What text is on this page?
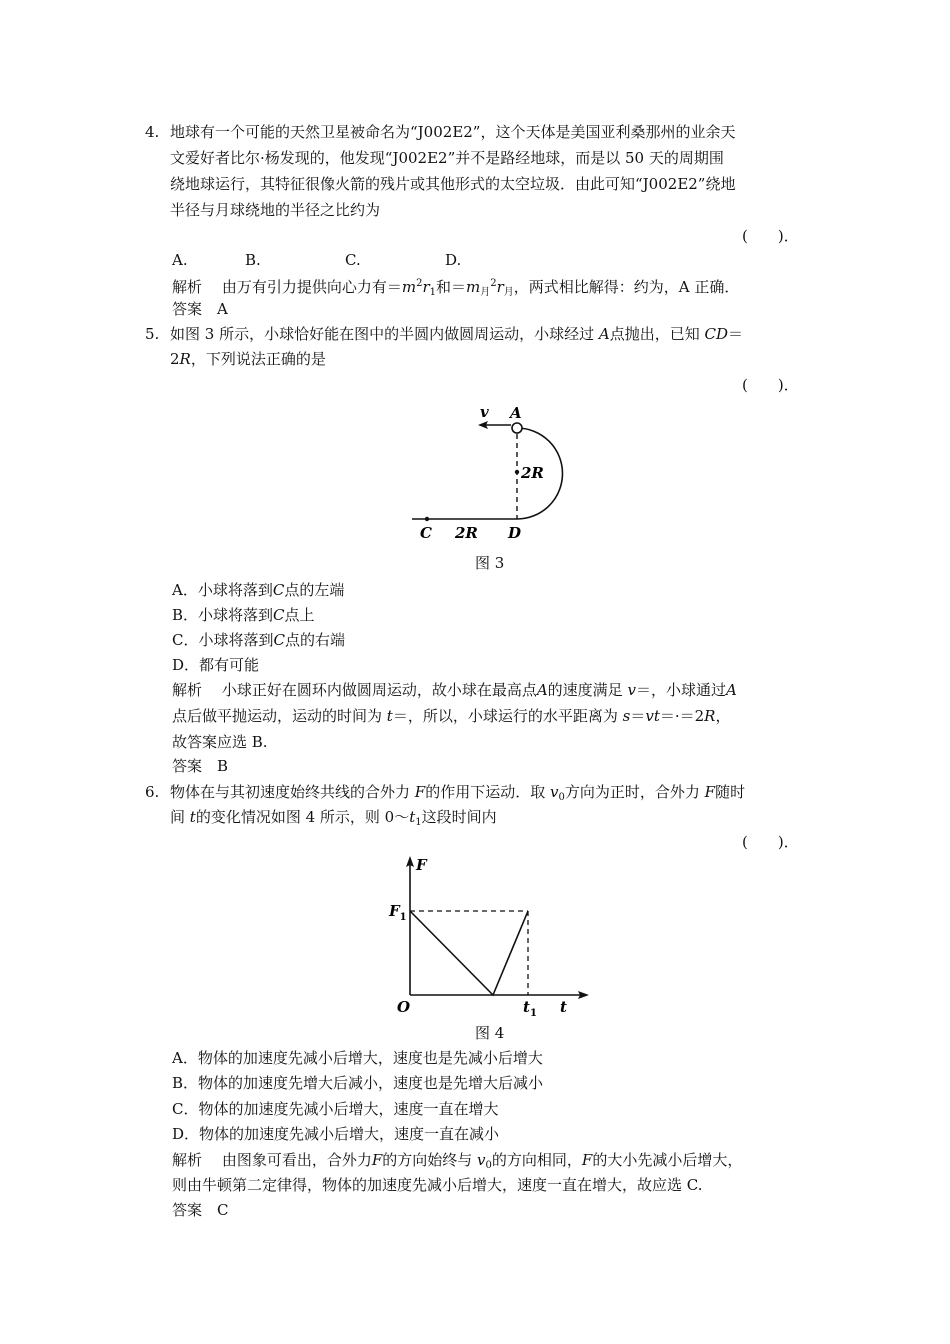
4. 地球有一个可能的天然卫星被命名为“J002E2”，这个天体是美国亚利桑那州的业余天
文爱好者比尔·杨发现的，他发现“J002E2”并不是路经地球，而是以 50 天的周期围
绕地球运行，其特征很像火箭的残片或其他形式的太空垃圾．由此可知“J002E2”绕地
半径与月球绕地的半径之比约为
(　　)．
A.	B.	C.	D.
解析　 由万有引力提供向心力有$=m^2r_1$和$=m_月^2r_月$，两式相比解得：约为，A 正确．
答案　 A
5. 如图 3 所示，小球恰好能在图中的半圆内做圆周运动，小球经过 A点抛出，已知 CD＝
2R，下列说法正确的是
(　　)．
v A
2R
C 2R D
图 3
A．小球将落到C点的左端
B．小球将落到C点上
C．小球将落到C点的右端
D．都有可能
解析　 小球正好在圆环内做圆周运动，故小球在最高点A的速度满足 v＝，小球通过A
点后做平抛运动，运动的时间为 t＝，所以，小球运行的水平距离为 s＝vt＝·＝2R，
故答案应选 B.
答案　 B
6. 物体在与其初速度始终共线的合外力 F的作用下运动．取 $v_0$方向为正时，合外力 F随时
间 t的变化情况如图 4 所示，则 $0\sim t_1$这段时间内
(　　)．
F
$F_1$
O	$t_1$ t
图 4
A．物体的加速度先减小后增大，速度也是先减小后增大
B．物体的加速度先增大后减小，速度也是先增大后减小
C．物体的加速度先减小后增大，速度一直在增大
D．物体的加速度先减小后增大，速度一直在减小
解析　 由图象可看出，合外力F的方向始终与 $v_0$的方向相同，F的大小先减小后增大，
则由牛顿第二定律得，物体的加速度先减小后增大，速度一直在增大，故应选 C.
答案　 C
